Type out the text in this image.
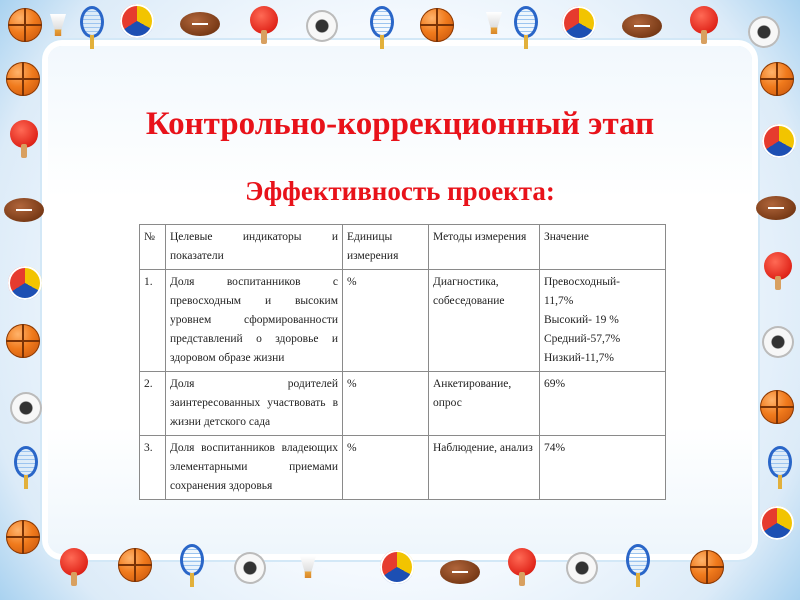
Контрольно-коррекционный этап
Эффективность проекта:
№	Целевые индикаторы и показатели	Единицы измерения	Методы измерения	Значение
1.	Доля воспитанников с превосходным и высоким уровнем сформированности представлений о здоровье и здоровом образе жизни	%	Диагностика, собеседование	Превосходный-
11,7%
Высокий- 19 %
Средний-57,7%
Низкий-11,7%

2.	Доля родителей заинтересованных участвовать в жизни детского сада	%	Анкетирование, опрос	69%
3.	Доля воспитанников владеющих элементарными приемами сохранения здоровья	%	Наблюдение, анализ	74%
